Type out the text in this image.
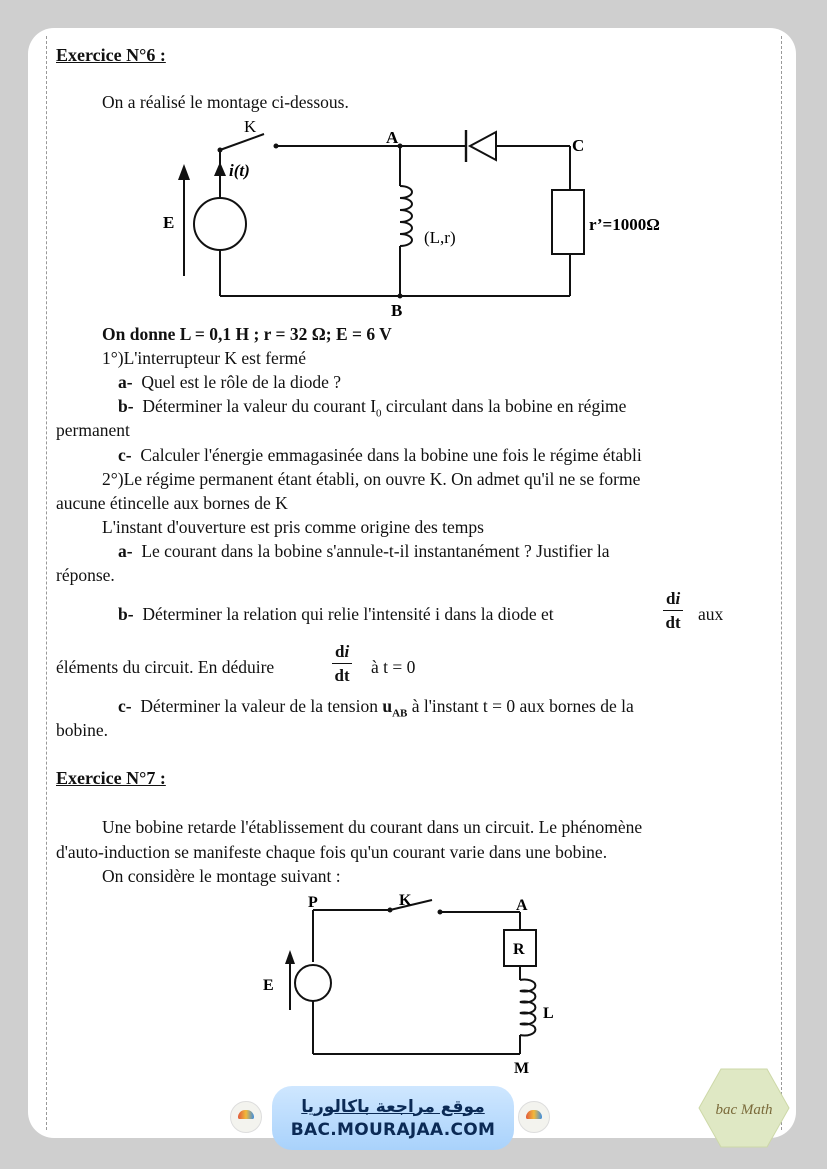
Exercice N°6 :
On a réalisé le montage ci-dessous.
K
i(t)
E
A
B
C
(L,r)
r’=1000Ω
On donne L = 0,1 H ; r = 32 Ω; E = 6 V
1°)L'interrupteur K est fermé
a- Quel est le rôle de la diode ?
b- Déterminer la valeur du courant $I_0$ circulant dans la bobine en régime
permanent
c- Calculer l'énergie emmagasinée dans la bobine une fois le régime établi
2°)Le régime permanent étant établi, on ouvre K. On admet qu'il ne se forme
aucune étincelle aux bornes de K
L'instant d'ouverture est pris comme origine des temps
a- Le courant dans la bobine s'annule-t-il instantanément ? Justifier la
réponse.
b- Déterminer la relation qui relie l'intensité i dans la diode et	$\frac{di}{dt}$ aux
éléments du circuit. En déduire	$\frac{di}{dt}$ à t = 0
c- Déterminer la valeur de la tension $u_{AB}$ à l'instant t = 0 aux bornes de la
bobine.
Exercice N°7 :
Une bobine retarde l'établissement du courant dans un circuit. Le phénomène
d'auto-induction se manifeste chaque fois qu'un courant varie dans une bobine.
On considère le montage suivant :
P	K	A
R
E
L
M
موقع مراجعة باكالوريا
BAC.MOURAJAA.COM
bac Math
